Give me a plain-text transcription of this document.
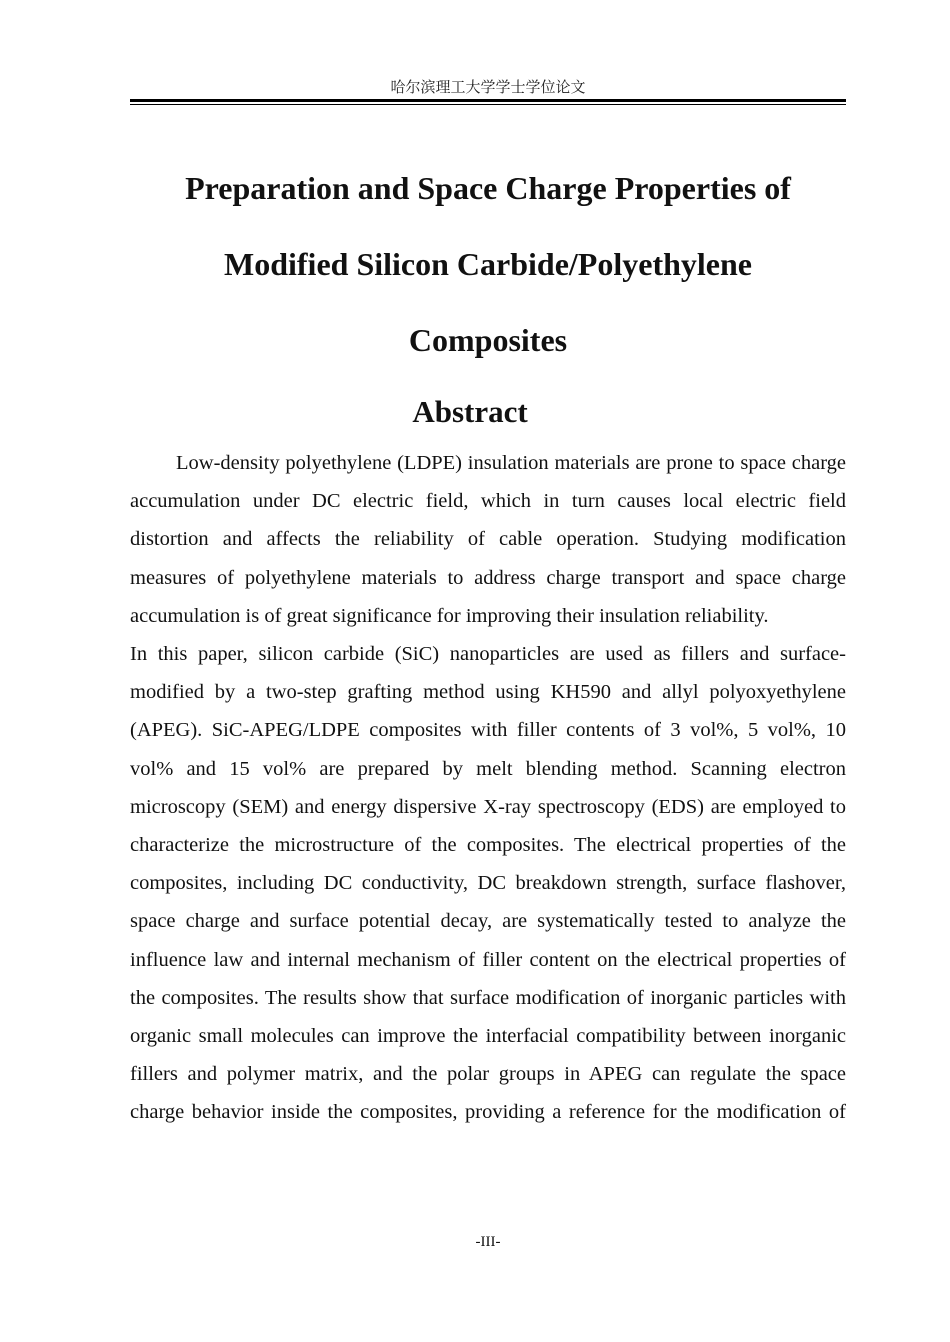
哈尔滨理工大学学士学位论文
Preparation and Space Charge Properties of
Modified Silicon Carbide/Polyethylene
Composites
Abstract

Low-density polyethylene (LDPE) insulation materials are prone to space charge accumulation under DC electric field, which in turn causes local electric field distortion and affects the reliability of cable operation. Studying modification measures of polyethylene materials to address charge transport and space charge accumulation is of great significance for improving their insulation reliability.

In this paper, silicon carbide (SiC) nanoparticles are used as fillers and surface-modified by a two-step grafting method using KH590 and allyl polyoxyethylene (APEG). SiC-APEG/LDPE composites with filler contents of 3 vol%, 5 vol%, 10 vol% and 15 vol% are prepared by melt blending method. Scanning electron microscopy (SEM) and energy dispersive X-ray spectroscopy (EDS) are employed to characterize the microstructure of the composites. The electrical properties of the composites, including DC conductivity, DC breakdown strength, surface flashover, space charge and surface potential decay, are systematically tested to analyze the influence law and internal mechanism of filler content on the electrical properties of the composites. The results show that surface modification of inorganic particles with organic small molecules can improve the interfacial compatibility between inorganic fillers and polymer matrix, and the polar groups in APEG can regulate the space charge behavior inside the composites, providing a reference for the modification of

-III-
